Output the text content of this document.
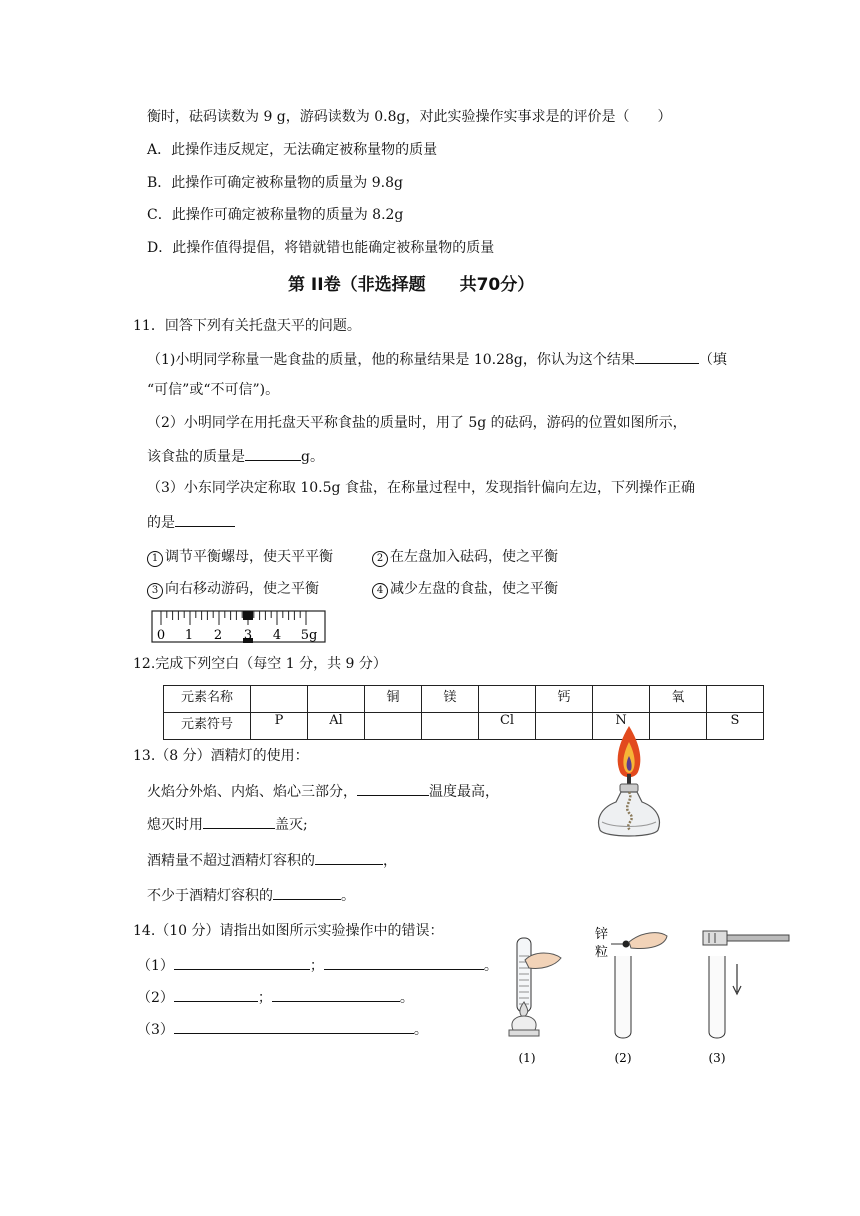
衡时，砝码读数为 9 g，游码读数为 0.8g，对此实验操作实事求是的评价是（　　）
A．此操作违反规定，无法确定被称量物的质量
B．此操作可确定被称量物的质量为 9.8g
C．此操作可确定被称量物的质量为 8.2g
D．此操作值得提倡，将错就错也能确定被称量物的质量
第 II卷（非选择题　　共70分）
11．回答下列有关托盘天平的问题。
（1)小明同学称量一匙食盐的质量，他的称量结果是 10.28g，你认为这个结果	（填
“可信”或“不可信”)。
（2）小明同学在用托盘天平称食盐的质量时，用了 5g 的砝码，游码的位置如图所示，
该食盐的质量是	g。
（3）小东同学决定称取 10.5g 食盐，在称量过程中，发现指针偏向左边，下列操作正确
的是
1 调节平衡螺母，使天平平衡	2 在左盘加入砝码，使之平衡
3 向右移动游码，使之平衡	4 减少左盘的食盐，使之平衡
0 1 2 3 4 5g
12.完成下列空白（每空 1 分，共 9 分）
元素名称			铜	镁		钙		氧	
元素符号	P	Al			Cl		N		S
13.（8 分）酒精灯的使用：
火焰分外焰、内焰、焰心三部分，	温度最高，
熄灭时用	盖灭;
酒精量不超过酒精灯容积的	，
不少于酒精灯容积的	。
14.（10 分）请指出如图所示实验操作中的错误：
（1）	；	。
（2）	；	。
（3）	。
(1)
锌
粒
(2)	(3)
